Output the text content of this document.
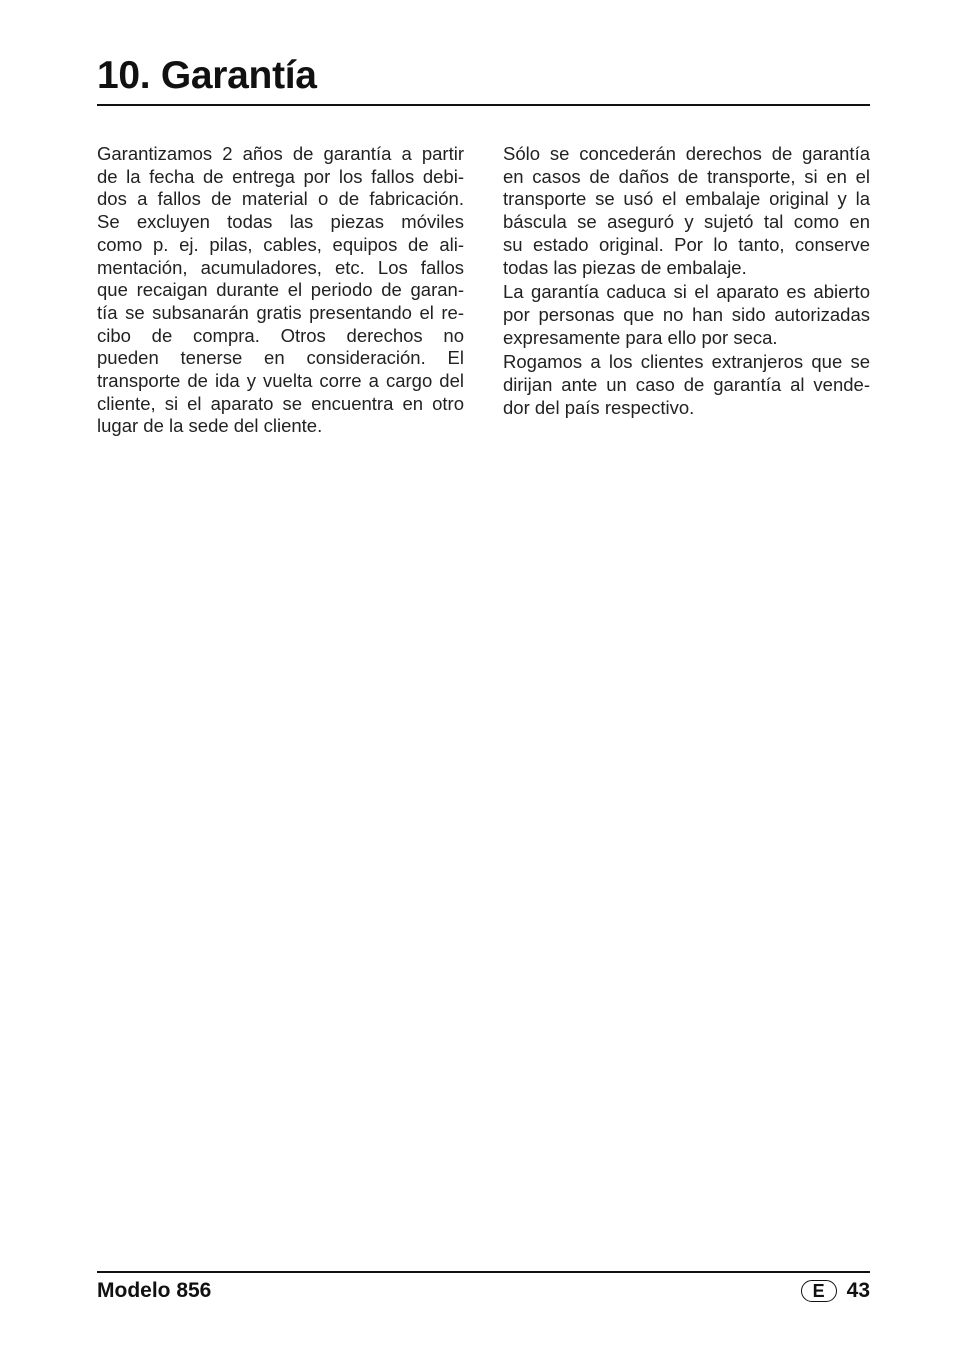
10. Garantía

Garantizamos 2 años de garantía a partir
de la fecha de entrega por los fallos debi-
dos a fallos de material o de fabricación.
Se excluyen todas las piezas móviles
como p. ej. pilas, cables, equipos de ali-
mentación, acumuladores, etc. Los fallos
que recaigan durante el periodo de garan-
tía se subsanarán gratis presentando el re-
cibo de compra. Otros derechos no
pueden tenerse en consideración. El
transporte de ida y vuelta corre a cargo del
cliente, si el aparato se encuentra en otro
lugar de la sede del cliente.

Sólo se concederán derechos de garantía
en casos de daños de transporte, si en el
transporte se usó el embalaje original y la
báscula se aseguró y sujetó tal como en
su estado original. Por lo tanto, conserve
todas las piezas de embalaje.

La garantía caduca si el aparato es abierto
por personas que no han sido autorizadas
expresamente para ello por seca.

Rogamos a los clientes extranjeros que se
dirijan ante un caso de garantía al vende-
dor del país respectivo.

Modelo 856	E	43
